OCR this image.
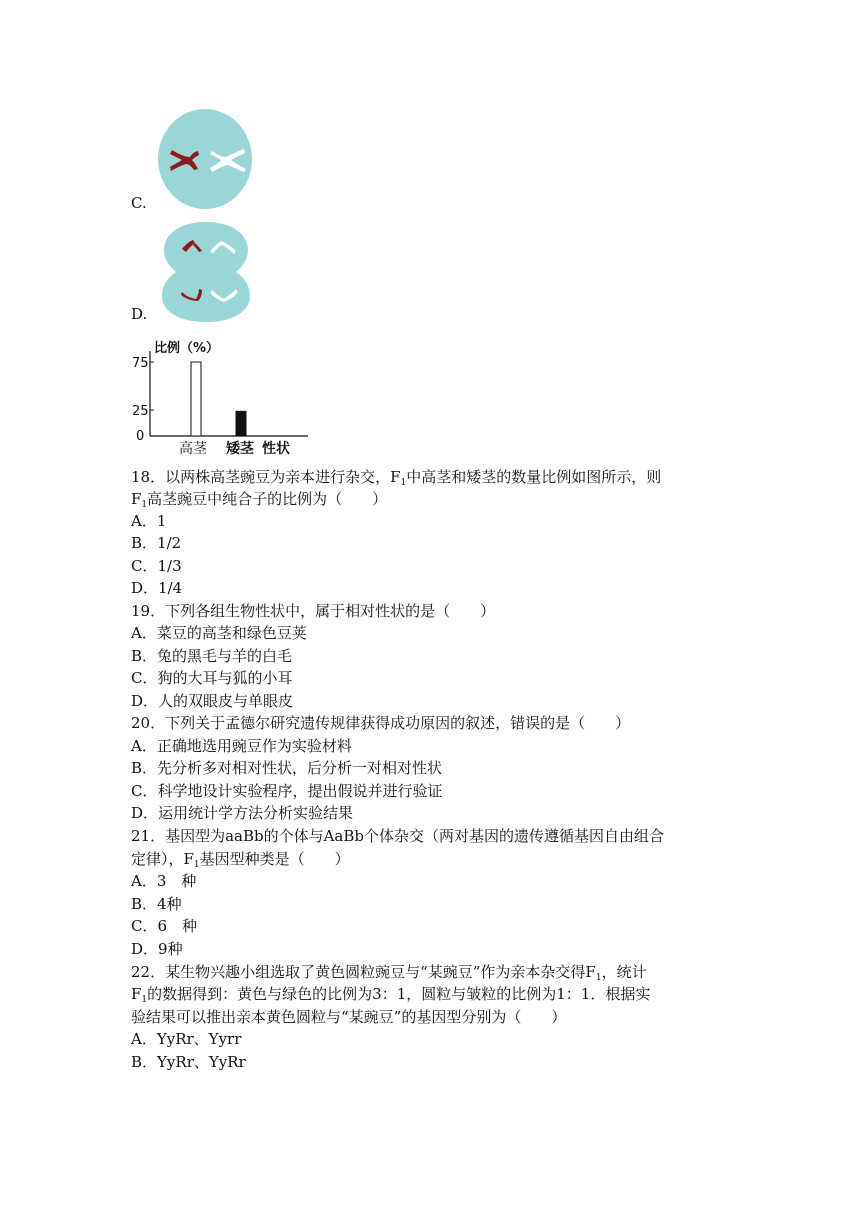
C.
D.
比例（%）
75
25
0
高茎 矮茎 性状
18．以两株高茎豌豆为亲本进行杂交，$F_1$中高茎和矮茎的数量比例如图所示，则
$F_1$高茎豌豆中纯合子的比例为（　　）
A．1
B．1/2
C．1/3
D．1/4
19．下列各组生物性状中，属于相对性状的是（　　）
A．菜豆的高茎和绿色豆荚
B．兔的黑毛与羊的白毛
C．狗的大耳与狐的小耳
D．人的双眼皮与单眼皮
20．下列关于孟德尔研究遗传规律获得成功原因的叙述，错误的是（　　）
A．正确地选用豌豆作为实验材料
B．先分析多对相对性状，后分析一对相对性状
C．科学地设计实验程序，提出假说并进行验证
D．运用统计学方法分析实验结果
21．基因型为aaBb的个体与AaBb个体杂交（两对基因的遗传遵循基因自由组合
定律），$F_1$基因型种类是（　　）
A．3　种
B．4种
C．6　种
D．9种
22．某生物兴趣小组选取了黄色圆粒豌豆与“某豌豆”作为亲本杂交得$F_1$，统计
$F_1$的数据得到：黄色与绿色的比例为3：1，圆粒与皱粒的比例为1：1．根据实
验结果可以推出亲本黄色圆粒与“某豌豆”的基因型分别为（　　）
A．YyRr、Yyrr
B．YyRr、YyRr
